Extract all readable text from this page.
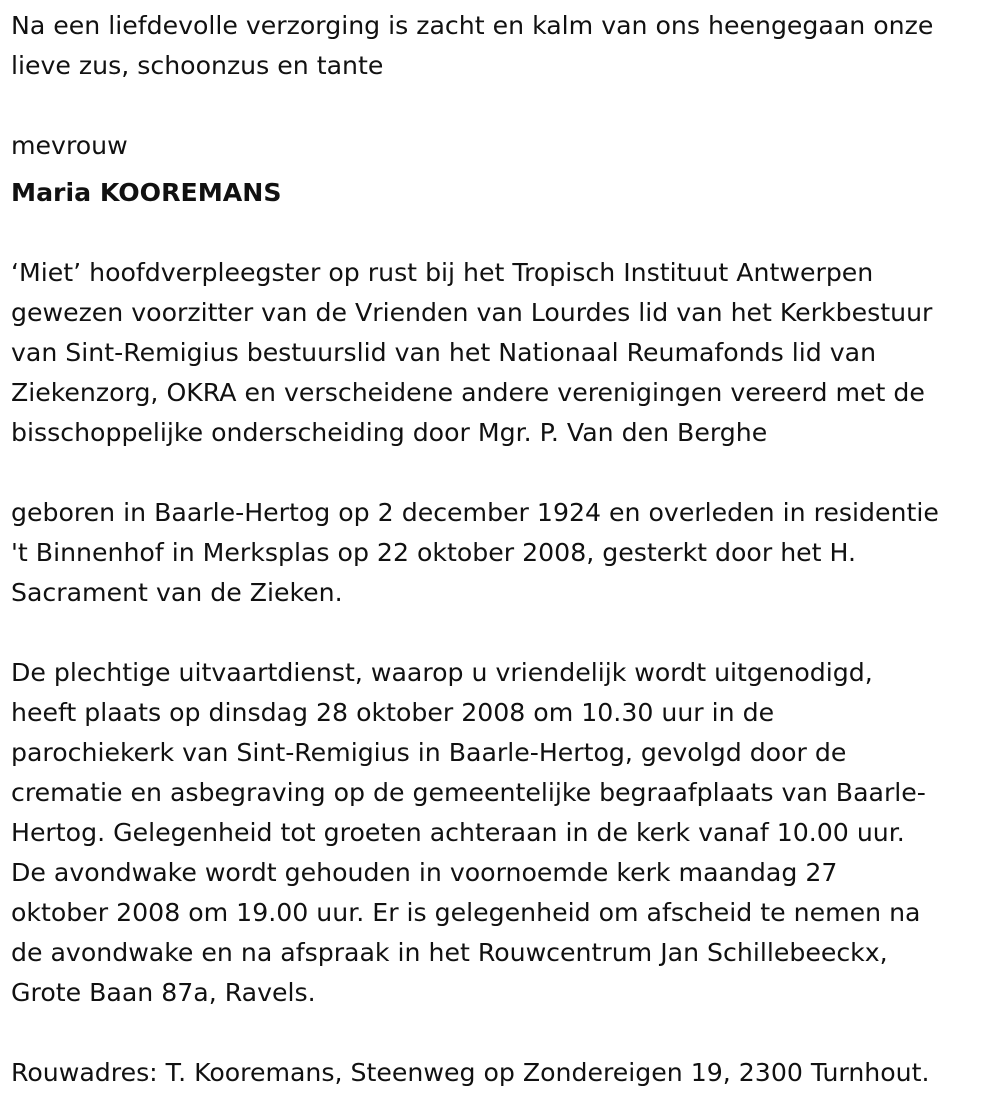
Na een liefdevolle verzorging is zacht en kalm van ons heengegaan onze
lieve zus, schoonzus en tante
mevrouw
Maria KOOREMANS
‘Miet’ hoofdverpleegster op rust bij het Tropisch Instituut Antwerpen
gewezen voorzitter van de Vrienden van Lourdes lid van het Kerkbestuur
van Sint-Remigius bestuurslid van het Nationaal Reumafonds lid van
Ziekenzorg, OKRA en verscheidene andere verenigingen vereerd met de
bisschoppelijke onderscheiding door Mgr. P. Van den Berghe
geboren in Baarle-Hertog op 2 december 1924 en overleden in residentie
't Binnenhof in Merksplas op 22 oktober 2008, gesterkt door het H.
Sacrament van de Zieken.
De plechtige uitvaartdienst, waarop u vriendelijk wordt uitgenodigd,
heeft plaats op dinsdag 28 oktober 2008 om 10.30 uur in de
parochiekerk van Sint-Remigius in Baarle-Hertog, gevolgd door de
crematie en asbegraving op de gemeentelijke begraafplaats van Baarle-
Hertog. Gelegenheid tot groeten achteraan in de kerk vanaf 10.00 uur.
De avondwake wordt gehouden in voornoemde kerk maandag 27
oktober 2008 om 19.00 uur. Er is gelegenheid om afscheid te nemen na
de avondwake en na afspraak in het Rouwcentrum Jan Schillebeeckx,
Grote Baan 87a, Ravels.
Rouwadres: T. Kooremans, Steenweg op Zondereigen 19, 2300 Turnhout.
